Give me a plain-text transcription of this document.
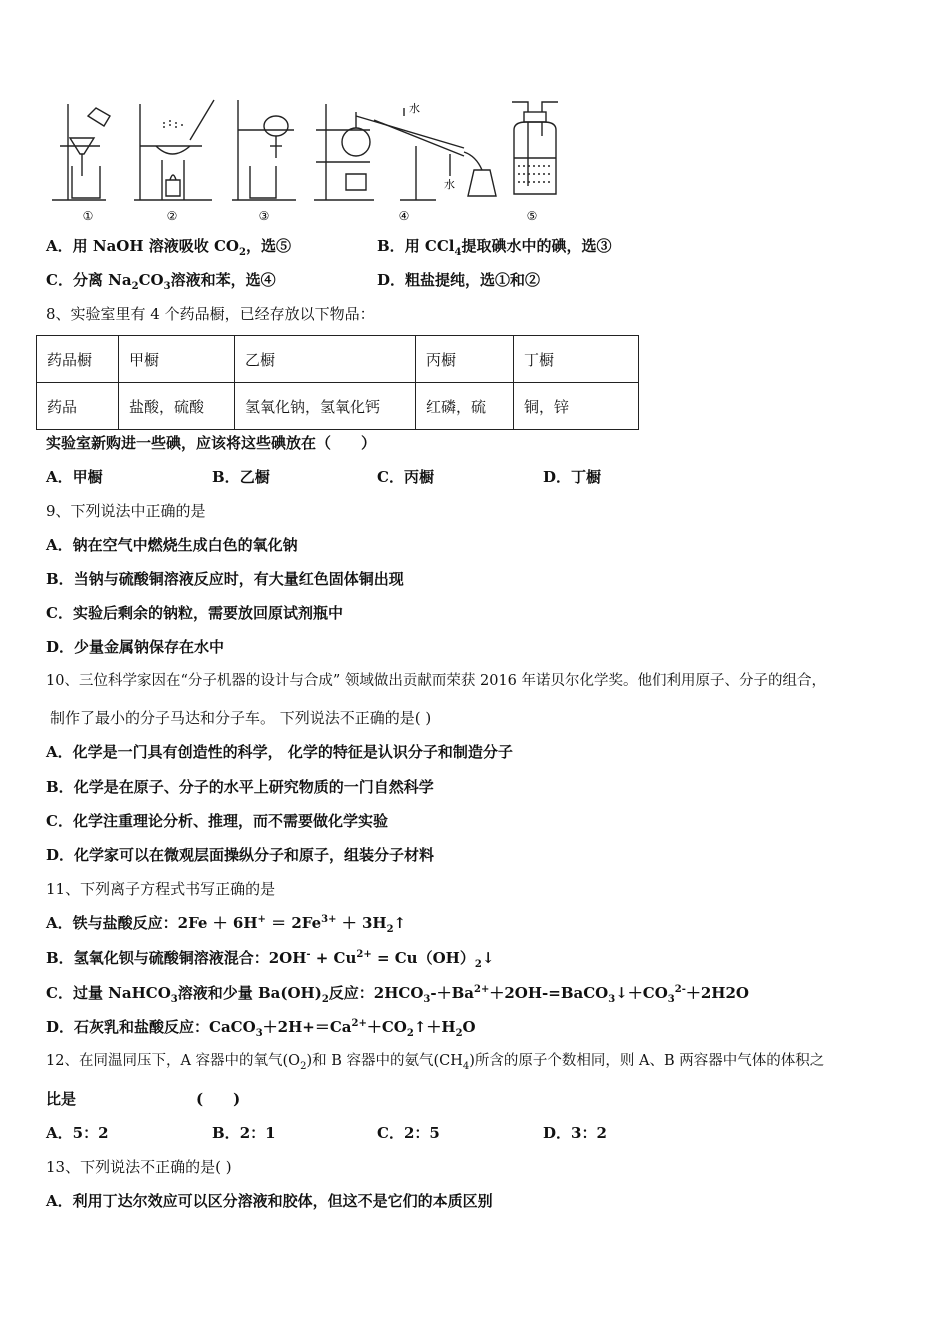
水
水
①	②	③	④	⑤
A．用 NaOH 溶液吸收 $CO_2$，选⑤	B．用 CCl$_4$提取碘水中的碘，选③
C．分离 $Na_2CO_3$溶液和苯，选④	D．粗盐提纯，选①和②
8、实验室里有 4 个药品橱，已经存放以下物品：
药品橱	甲橱	乙橱	丙橱	丁橱
药品	盐酸，硫酸	氢氧化钠，氢氧化钙	红磷，硫	铜，锌
实验室新购进一些碘，应该将这些碘放在（　　）
A．甲橱	B．乙橱	C．丙橱	D．丁橱
9、下列说法中正确的是
A．钠在空气中燃烧生成白色的氧化钠
B．当钠与硫酸铜溶液反应时，有大量红色固体铜出现
C．实验后剩余的钠粒，需要放回原试剂瓶中
D．少量金属钠保存在水中
10、三位科学家因在“分子机器的设计与合成” 领域做出贡献而荣获 2016 年诺贝尔化学奖。他们利用原子、分子的组合，
制作了最小的分子马达和分子车。 下列说法不正确的是( )
A．化学是一门具有创造性的科学， 化学的特征是认识分子和制造分子
B．化学是在原子、分子的水平上研究物质的一门自然科学
C．化学注重理论分析、推理，而不需要做化学实验
D．化学家可以在微观层面操纵分子和原子，组装分子材料
11、下列离子方程式书写正确的是
A．铁与盐酸反应：$2Fe + 6H^+ = 2Fe^{3+}$ ＋ $3H_2↑$
B．氢氧化钡与硫酸铜溶液混合：$2OH^- + Cu^{2+}$ = $Cu(OH)_2↓$
C．过量 NaHCO$_3$溶液和少量 $Ba(OH)_2$反应：$2HCO_3-+Ba^{2+}+2OH-=BaCO_3↓+CO_3^{2-}+2H2O$
D．石灰乳和盐酸反应：$CaCO_3+2H+=Ca^{2+}+CO_2↑+H_2O$
12、在同温同压下，A 容器中的氧气$(O_2)$和 B 容器中的氨气$(CH_4)$所含的原子个数相同，则 A、B 两容器中气体的体积之
比是	(　　)
A．5：2	B．2：1	C．2：5	D．3：2
13、下列说法不正确的是( )
A．利用丁达尔效应可以区分溶液和胶体，但这不是它们的本质区别
